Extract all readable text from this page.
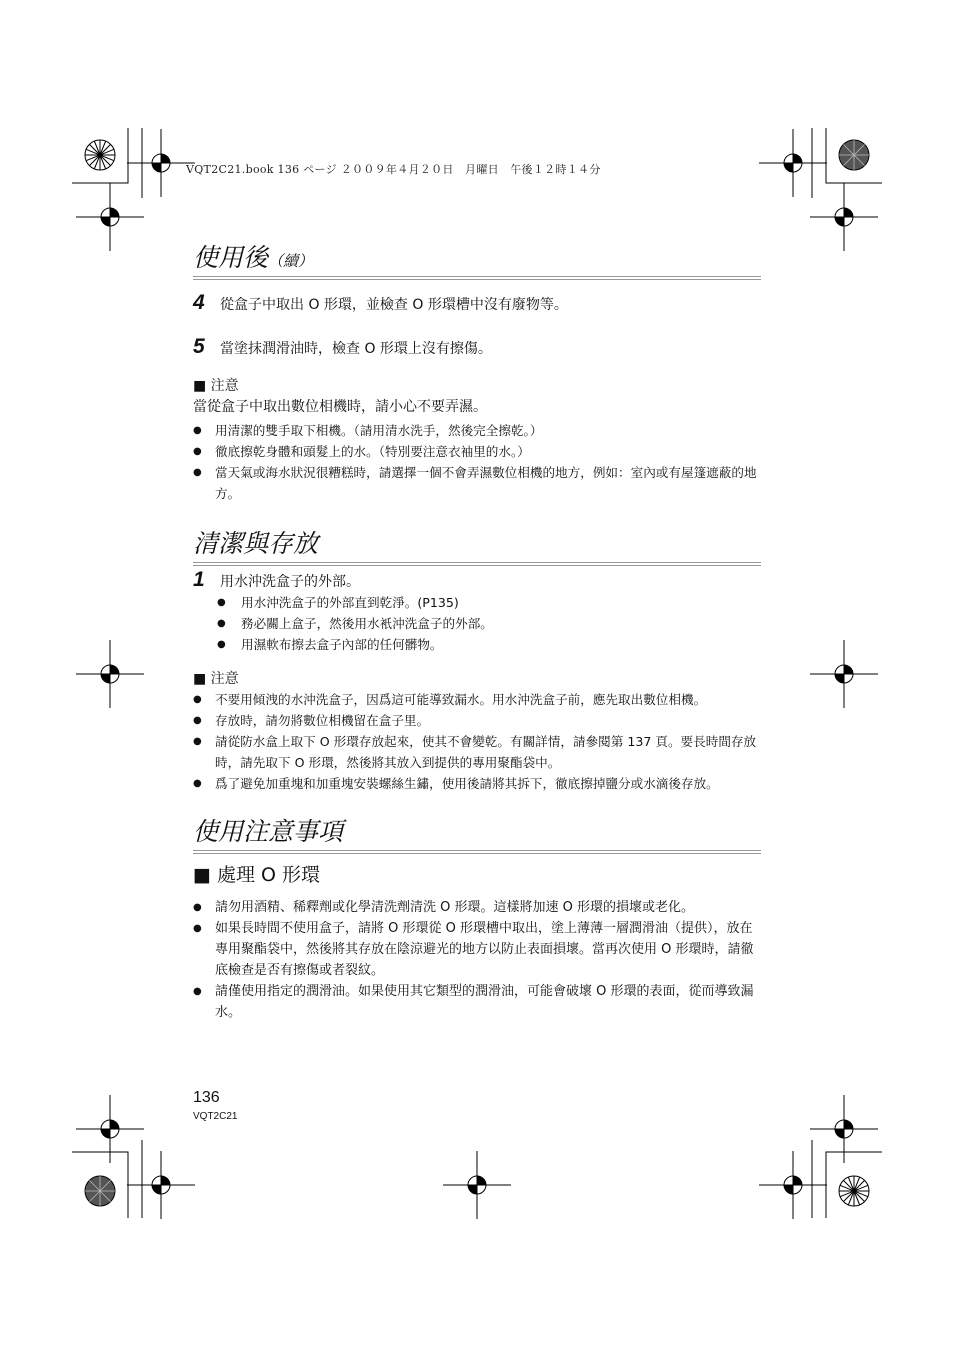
VQT2C21.book 136 ページ ２００９年４月２０日　月曜日　午後１２時１４分
使用後（續）
4	從盒子中取出 O 形環，並檢查 O 形環槽中沒有廢物等。
5	當塗抹潤滑油時，檢查 O 形環上沒有擦傷。
■ 注意
當從盒子中取出數位相機時，請小心不要弄濕。
● 用清潔的雙手取下相機。（請用清水洗手，然後完全擦乾。）
● 徹底擦乾身體和頭髮上的水。（特別要注意衣袖里的水。）
● 當天氣或海水狀況很糟糕時，請選擇一個不會弄濕數位相機的地方，例如：室內或有屋篷遮蔽的地方。
清潔與存放
1	用水沖洗盒子的外部。
● 用水沖洗盒子的外部直到乾淨。(P135)
● 務必關上盒子，然後用水衹沖洗盒子的外部。
● 用濕軟布擦去盒子內部的任何髒物。
■ 注意
● 不要用傾洩的水沖洗盒子，因爲這可能導致漏水。用水沖洗盒子前，應先取出數位相機。
● 存放時，請勿將數位相機留在盒子里。
● 請從防水盒上取下 O 形環存放起來，使其不會變乾。有關詳情，請參閱第 137 頁。要長時間存放時，請先取下 O 形環，然後將其放入到提供的專用聚酯袋中。
● 爲了避免加重塊和加重塊安裝螺絲生鏽，使用後請將其拆下，徹底擦掉鹽分或水滴後存放。
使用注意事項
■ 處理 O 形環
● 請勿用酒精、稀釋劑或化學清洗劑清洗 O 形環。這樣將加速 O 形環的損壞或老化。
● 如果長時間不使用盒子，請將 O 形環從 O 形環槽中取出，塗上薄薄一層潤滑油（提供），放在專用聚酯袋中，然後將其存放在陰涼避光的地方以防止表面損壞。當再次使用 O 形環時，請徹底檢查是否有擦傷或者裂紋。
● 請僅使用指定的潤滑油。如果使用其它類型的潤滑油，可能會破壞 O 形環的表面，從而導致漏水。
136
VQT2C21
